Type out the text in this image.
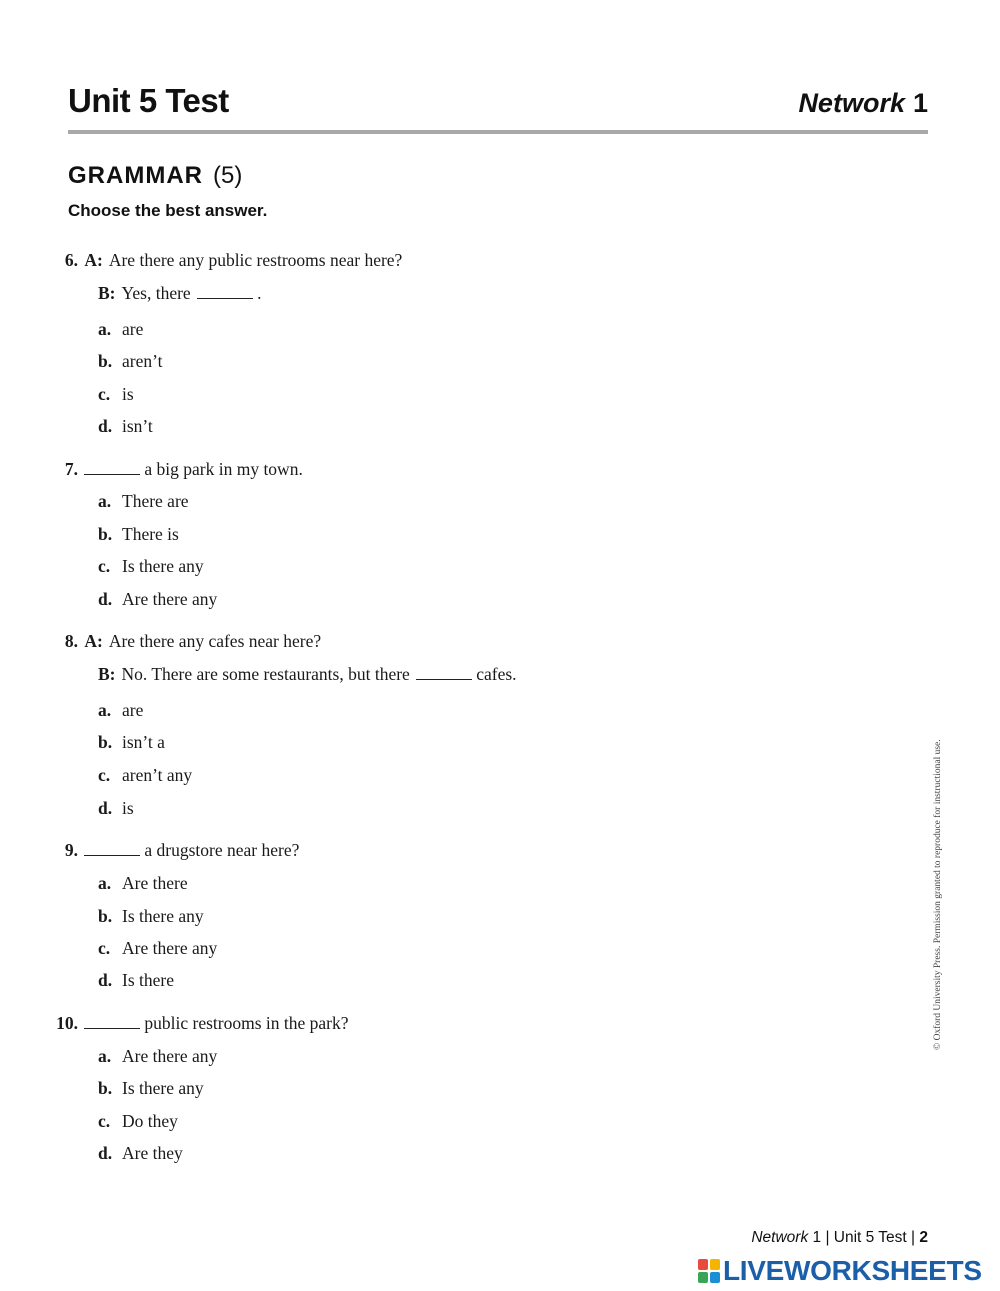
Unit 5 Test	Network 1
GRAMMAR (5)
Choose the best answer.
6. A: Are there any public restrooms near here?
B: Yes, there	.
a. are
b. aren’t
c. is
d. isn’t
7.	a big park in my town.
a. There are
b. There is
c. Is there any
d. Are there any
8. A: Are there any cafes near here?
B: No. There are some restaurants, but there	cafes.
a. are
b. isn’t a
c. aren’t any
d. is
9.	a drugstore near here?
a. Are there
b. Is there any
c. Are there any
d. Is there
10.	public restrooms in the park?
a. Are there any
b. Is there any
c. Do they
d. Are they
© Oxford University Press. Permission granted to reproduce for instructional use.
Network 1 | Unit 5 Test | 2
LIVEWORKSHEETS
